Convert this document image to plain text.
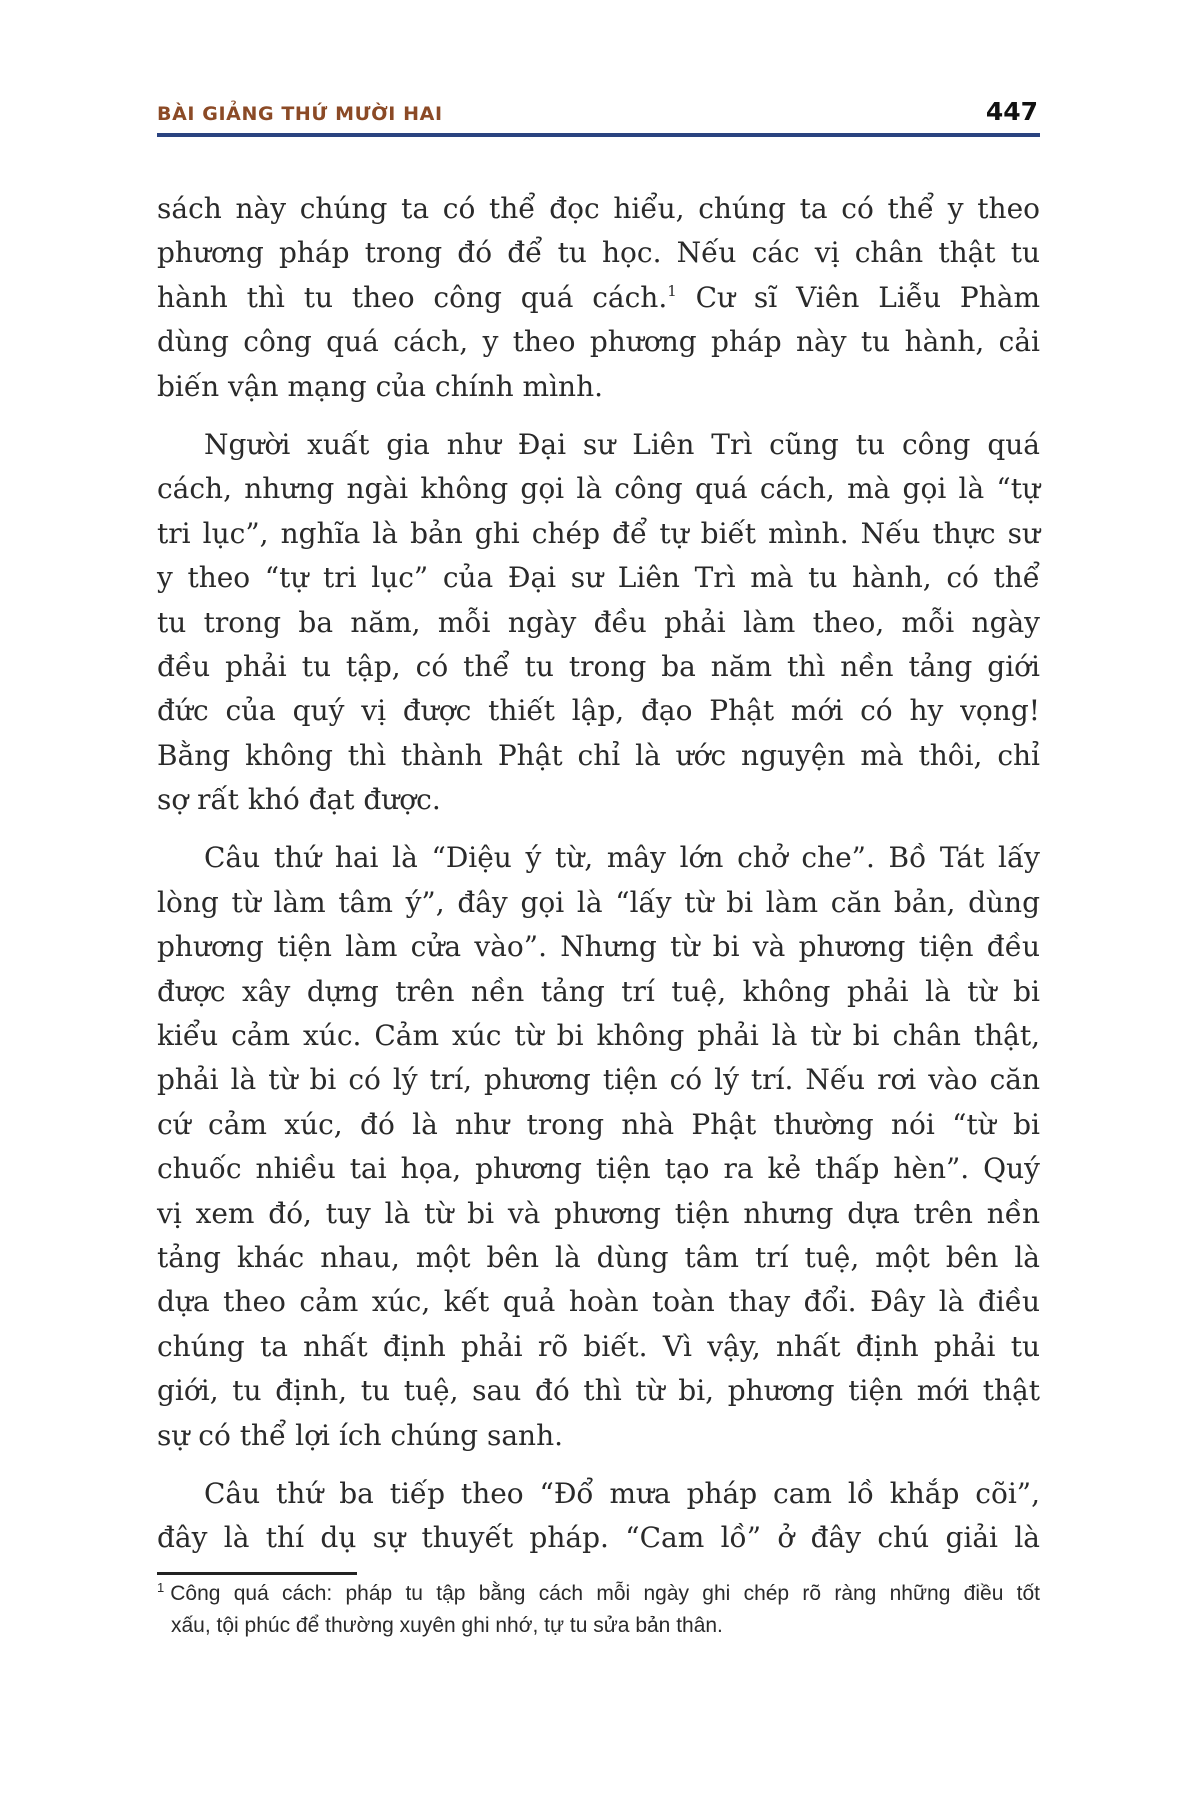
BÀI GIẢNG THỨ MƯỜI HAI	447
sách này chúng ta có thể đọc hiểu, chúng ta có thể y theo
phương pháp trong đó để tu học. Nếu các vị chân thật tu
hành thì tu theo công quá cách.$^1$ Cư sĩ Viên Liễu Phàm
dùng công quá cách, y theo phương pháp này tu hành, cải
biến vận mạng của chính mình.
Người xuất gia như Đại sư Liên Trì cũng tu công quá
cách, nhưng ngài không gọi là công quá cách, mà gọi là “tự
tri lục”, nghĩa là bản ghi chép để tự biết mình. Nếu thực sư
y theo “tự tri lục” của Đại sư Liên Trì mà tu hành, có thể
tu trong ba năm, mỗi ngày đều phải làm theo, mỗi ngày
đều phải tu tập, có thể tu trong ba năm thì nền tảng giới
đức của quý vị được thiết lập, đạo Phật mới có hy vọng!
Bằng không thì thành Phật chỉ là ước nguyện mà thôi, chỉ
sợ rất khó đạt được.
Câu thứ hai là “Diệu ý từ, mây lớn chở che”. Bồ Tát lấy
lòng từ làm tâm ý”, đây gọi là “lấy từ bi làm căn bản, dùng
phương tiện làm cửa vào”. Nhưng từ bi và phương tiện đều
được xây dựng trên nền tảng trí tuệ, không phải là từ bi
kiểu cảm xúc. Cảm xúc từ bi không phải là từ bi chân thật,
phải là từ bi có lý trí, phương tiện có lý trí. Nếu rơi vào căn
cứ cảm xúc, đó là như trong nhà Phật thường nói “từ bi
chuốc nhiều tai họa, phương tiện tạo ra kẻ thấp hèn”. Quý
vị xem đó, tuy là từ bi và phương tiện nhưng dựa trên nền
tảng khác nhau, một bên là dùng tâm trí tuệ, một bên là
dựa theo cảm xúc, kết quả hoàn toàn thay đổi. Đây là điều
chúng ta nhất định phải rõ biết. Vì vậy, nhất định phải tu
giới, tu định, tu tuệ, sau đó thì từ bi, phương tiện mới thật
sự có thể lợi ích chúng sanh.
Câu thứ ba tiếp theo “Đổ mưa pháp cam lồ khắp cõi”,
đây là thí dụ sự thuyết pháp. “Cam lồ” ở đây chú giải là
$^1$ Công quá cách: pháp tu tập bằng cách mỗi ngày ghi chép rõ ràng những điều tốt
xấu, tội phúc để thường xuyên ghi nhớ, tự tu sửa bản thân.
